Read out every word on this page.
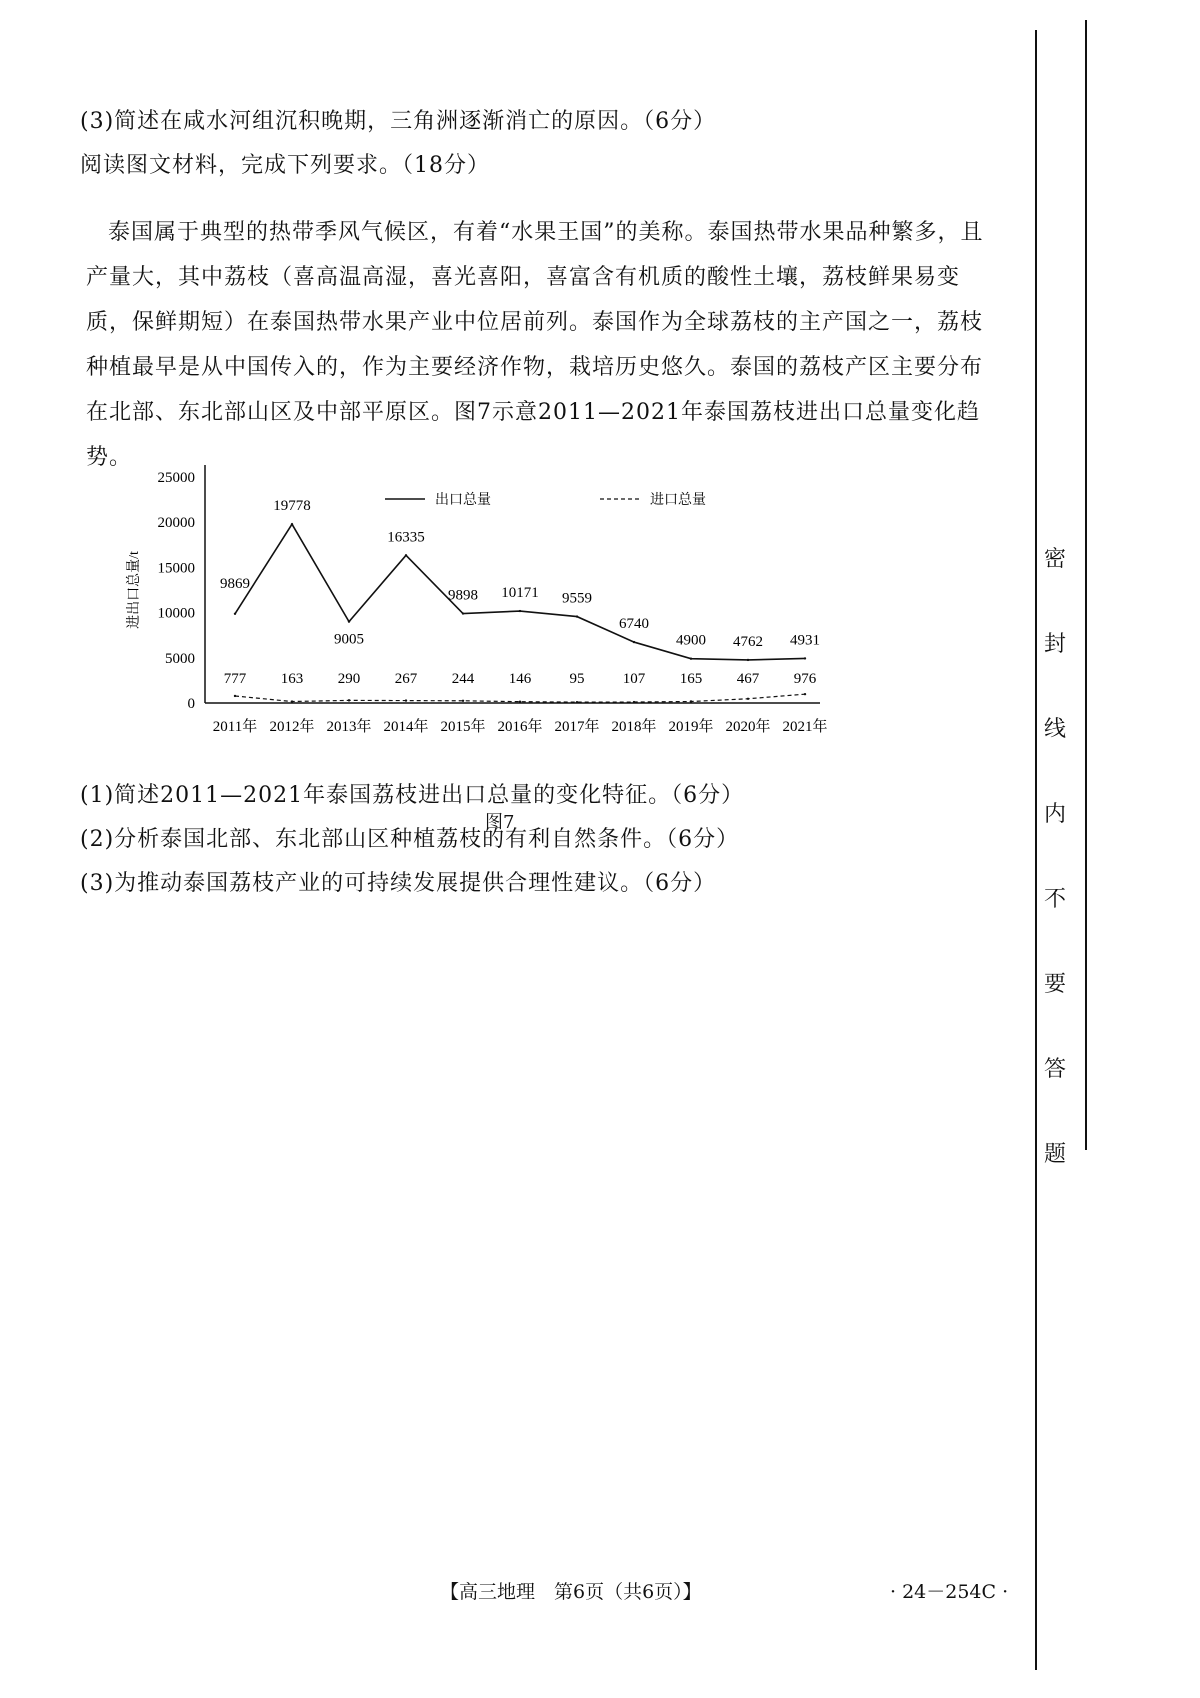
(3)简述在咸水河组沉积晚期，三角洲逐渐消亡的原因。（6分）
阅读图文材料，完成下列要求。（18分）
泰国属于典型的热带季风气候区，有着“水果王国”的美称。泰国热带水果品种繁多，且产量大，其中荔枝（喜高温高湿，喜光喜阳，喜富含有机质的酸性土壤，荔枝鲜果易变质，保鲜期短）在泰国热带水果产业中位居前列。泰国作为全球荔枝的主产国之一，荔枝种植最早是从中国传入的，作为主要经济作物，栽培历史悠久。泰国的荔枝产区主要分布在北部、东北部山区及中部平原区。图7示意2011—2021年泰国荔枝进出口总量变化趋势。
0
5000
10000
15000
20000
25000
进出口总量/t
2011年 2012年 2013年 2014年 2015年 2016年 2017年 2018年 2019年 2020年 2021年
9869
19778
9005
16335
9898 10171 9559
6740
4900 4762 4931
777 163 290 267 244 146	95	107 165 467 976
出口总量	进口总量
图7
(1)简述2011—2021年泰国荔枝进出口总量的变化特征。（6分）
(2)分析泰国北部、东北部山区种植荔枝的有利自然条件。（6分）
(3)为推动泰国荔枝产业的可持续发展提供合理性建议。（6分）
密
封
线
内
不
要
答
题
【高三地理　第6页（共6页）】	· 24－254C ·
